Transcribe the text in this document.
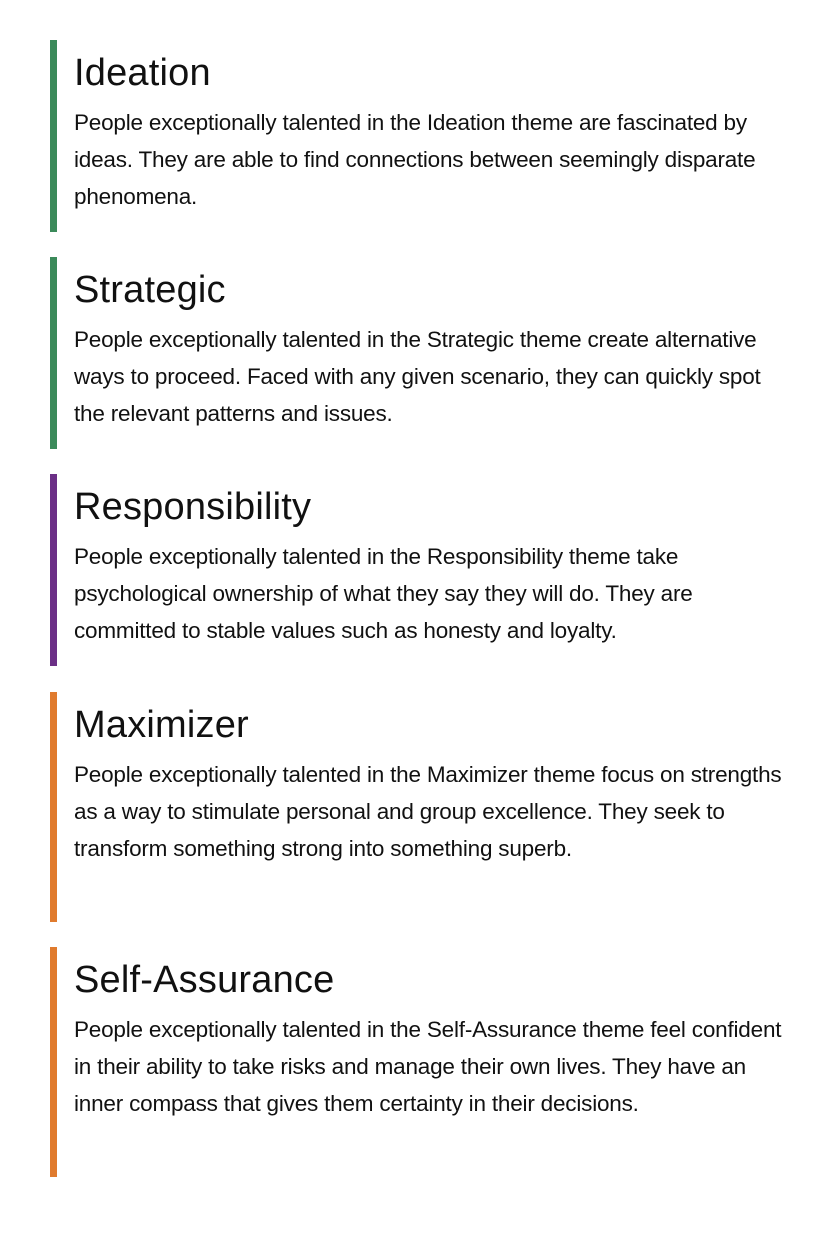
Ideation

People exceptionally talented in the Ideation theme are fascinated by ideas. They are able to find connections between seemingly disparate phenomena.

Strategic

People exceptionally talented in the Strategic theme create alternative ways to proceed. Faced with any given scenario, they can quickly spot the relevant patterns and issues.

Responsibility

People exceptionally talented in the Responsibility theme take psychological ownership of what they say they will do. They are committed to stable values such as honesty and loyalty.

Maximizer

People exceptionally talented in the Maximizer theme focus on strengths as a way to stimulate personal and group excellence. They seek to transform something strong into something superb.

Self-Assurance

People exceptionally talented in the Self-Assurance theme feel confident in their ability to take risks and manage their own lives. They have an inner compass that gives them certainty in their decisions.
